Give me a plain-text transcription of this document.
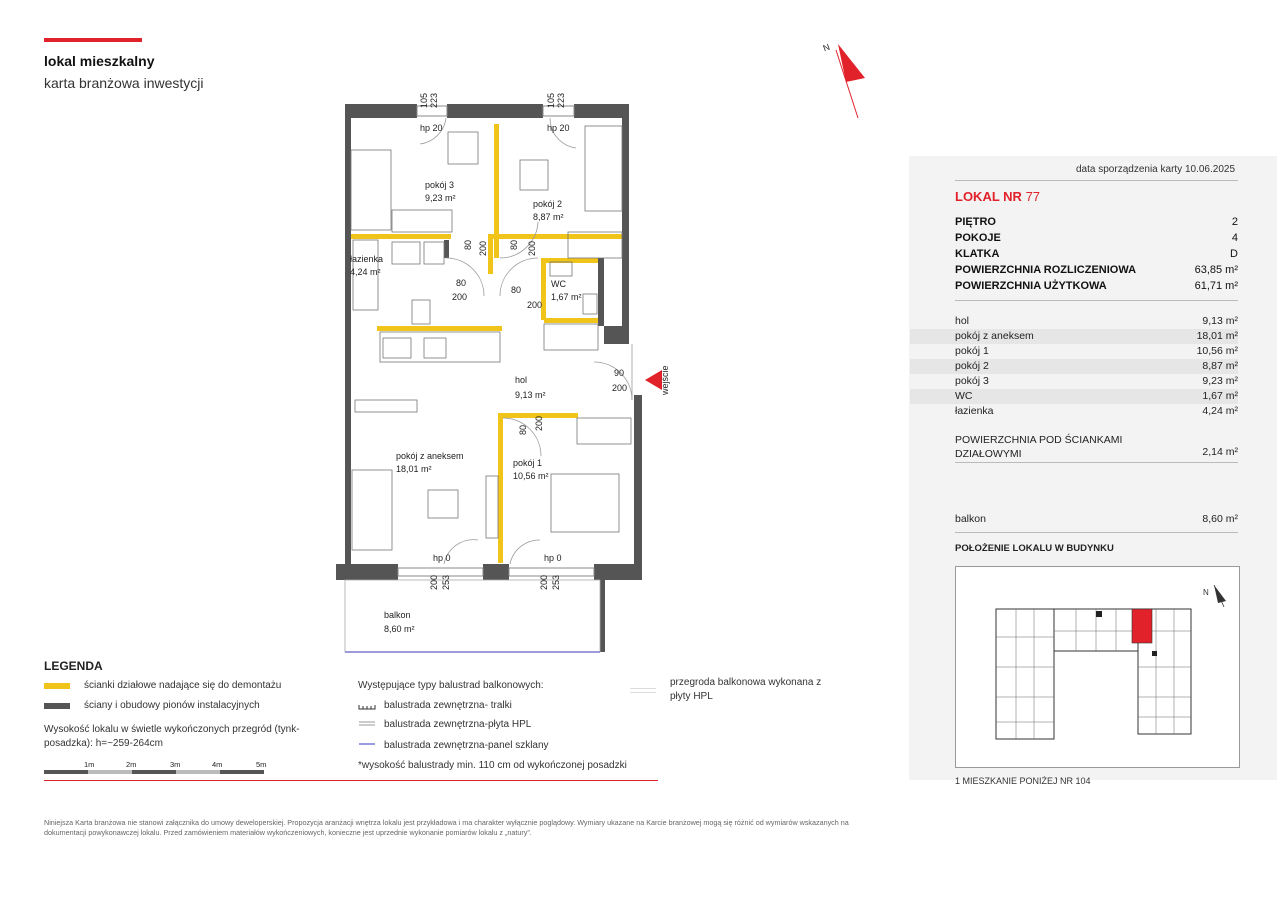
lokal mieszkalny
karta branżowa inwestycji
N
wejście
pokój 3
9,23 m²
pokój 2
8,87 m²
łazienka
4,24 m²
WC
1,67 m²
hol
9,13 m²
pokój z aneksem
18,01 m²
pokój 1
10,56 m²
balkon
8,60 m²
105 223
hp 20
105 223
hp 20
hp 0
200 253
hp 0
200 253
80 200 80 200
80
200
80
200
90
200
80 200
LEGENDA
ścianki działowe nadające się do demontażu
ściany i obudowy pionów instalacyjnych
Wysokość lokalu w świetle wykończonych przegród (tynk-posadzka): h=~259-264cm
1m	2m	3m	4m	5m
Występujące typy balustrad balkonowych:
balustrada zewnętrzna- tralki
balustrada zewnętrzna-płyta HPL
balustrada zewnętrzna-panel szklany
*wysokość balustrady min. 110 cm od wykończonej posadzki
przegroda balkonowa wykonana z płyty HPL
Niniejsza Karta branżowa nie stanowi załącznika do umowy deweloperskiej. Propozycja aranżacji wnętrza lokalu jest przykładowa i ma charakter wyłącznie poglądowy. Wymiary ukazane na Karcie branżowej mogą się różnić od wymiarów wskazanych na dokumentacji powykonawczej lokalu. Przed zamówieniem materiałów wykończeniowych, konieczne jest uprzednie wykonanie pomiarów lokalu z „natury”.
data sporządzenia karty 10.06.2025
LOKAL NR 77
PIĘTRO	2
POKOJE	4
KLATKA	D
POWIERZCHNIA ROZLICZENIOWA	63,85 m²
POWIERZCHNIA UŻYTKOWA	61,71 m²
hol	9,13 m²
pokój z aneksem	18,01 m²
pokój 1	10,56 m²
pokój 2	8,87 m²
pokój 3	9,23 m²
WC	1,67 m²
łazienka	4,24 m²
POWIERZCHNIA POD ŚCIANKAMI DZIAŁOWYMI	2,14 m²
balkon	8,60 m²
POŁOŻENIE LOKALU W BUDYNKU
N
1 MIESZKANIE PONIŻEJ NR 104
